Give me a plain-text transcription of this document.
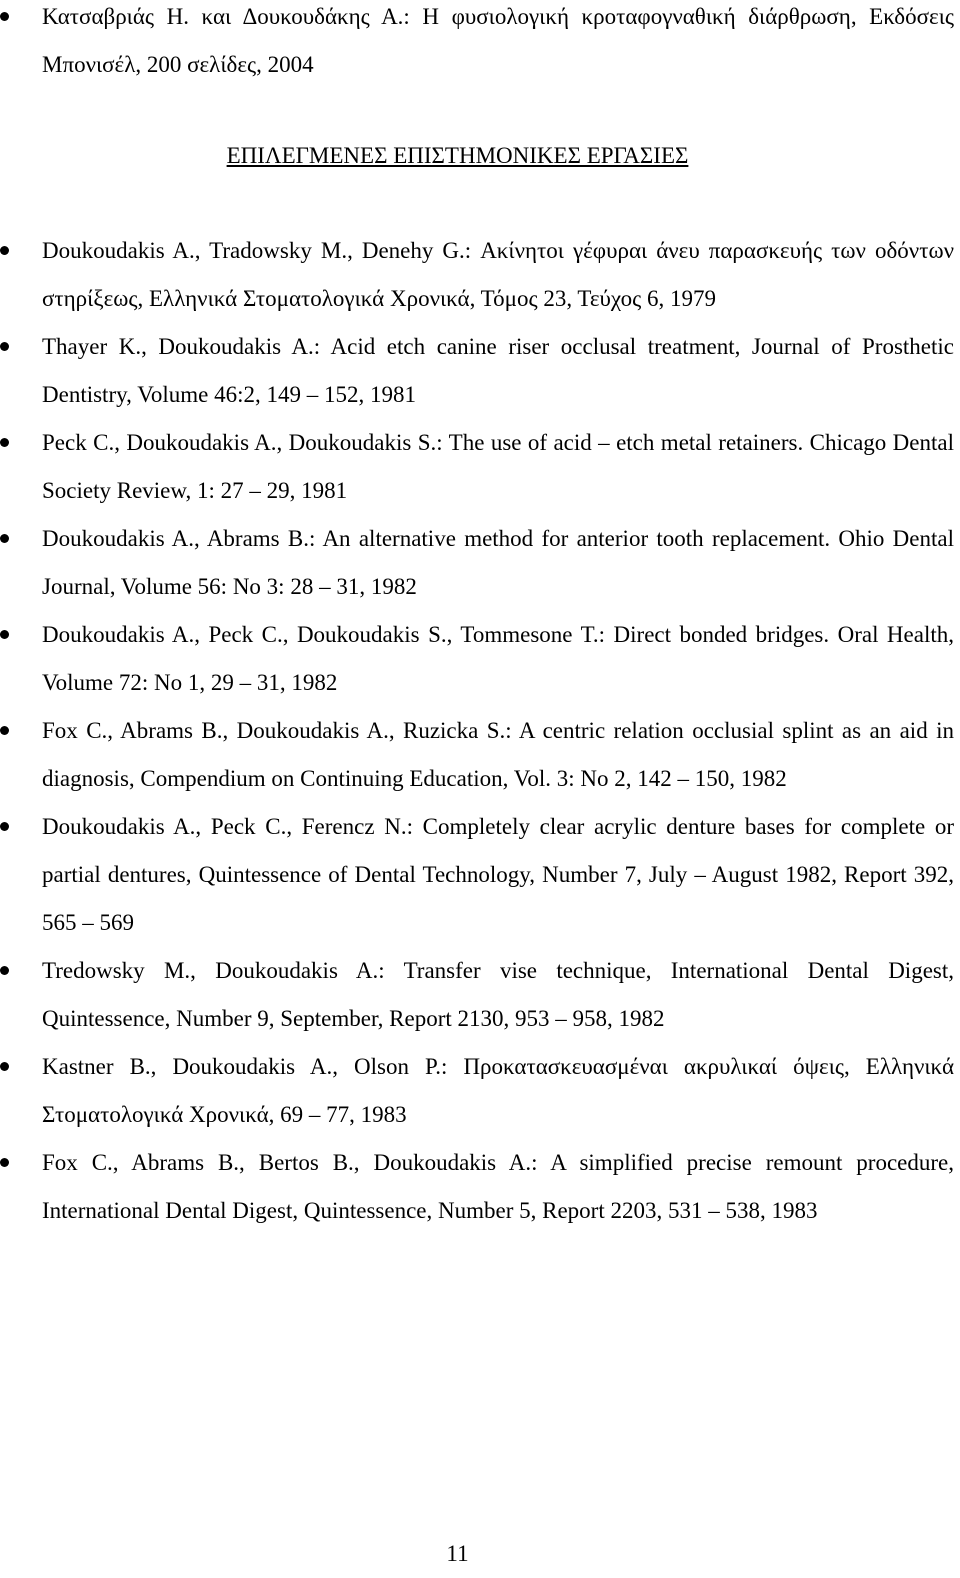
Κατσαβριάς Η. και Δουκουδάκης Α.: Η φυσιολογική κροταφογναθική διάρθρωση, Εκδόσεις Μπονισέλ, 200 σελίδες, 2004
ΕΠΙΛΕΓΜΕΝΕΣ ΕΠΙΣΤΗΜΟΝΙΚΕΣ ΕΡΓΑΣΙΕΣ
Doukoudakis A., Tradowsky M., Denehy G.: Ακίνητοι γέφυραι άνευ παρασκευής των οδόντων στηρίξεως, Ελληνικά Στοματολογικά Χρονικά, Τόμος 23, Τεύχος 6, 1979
Thayer K., Doukoudakis A.: Acid etch canine riser occlusal treatment, Journal of Prosthetic Dentistry, Volume 46:2, 149 – 152, 1981
Peck C., Doukoudakis A., Doukoudakis S.: The use of acid – etch metal retainers. Chicago Dental Society Review, 1: 27 – 29, 1981
Doukoudakis A., Abrams B.: An alternative method for anterior tooth replacement. Ohio Dental Journal, Volume 56: No 3: 28 – 31, 1982
Doukoudakis A., Peck C., Doukoudakis S., Tommesone T.: Direct bonded bridges. Oral Health, Volume 72: No 1, 29 – 31, 1982
Fox C., Abrams B., Doukoudakis A., Ruzicka S.: A centric relation occlusial splint as an aid in diagnosis, Compendium on Continuing Education, Vol. 3: No 2, 142 – 150, 1982
Doukoudakis A., Peck C., Ferencz N.: Completely clear acrylic denture bases for complete or partial dentures, Quintessence of Dental Technology, Number 7, July – August 1982, Report 392, 565 – 569
Tredowsky M., Doukoudakis A.: Transfer vise technique, International Dental Digest, Quintessence, Number 9, September, Report 2130, 953 – 958, 1982
Kastner B., Doukoudakis A., Olson P.: Προκατασκευασμέναι ακρυλικαί όψεις, Ελληνικά Στοματολογικά Χρονικά, 69 – 77, 1983
Fox C., Abrams B., Bertos B., Doukoudakis A.: A simplified precise remount procedure, International Dental Digest, Quintessence, Number 5, Report 2203, 531 – 538, 1983
11
